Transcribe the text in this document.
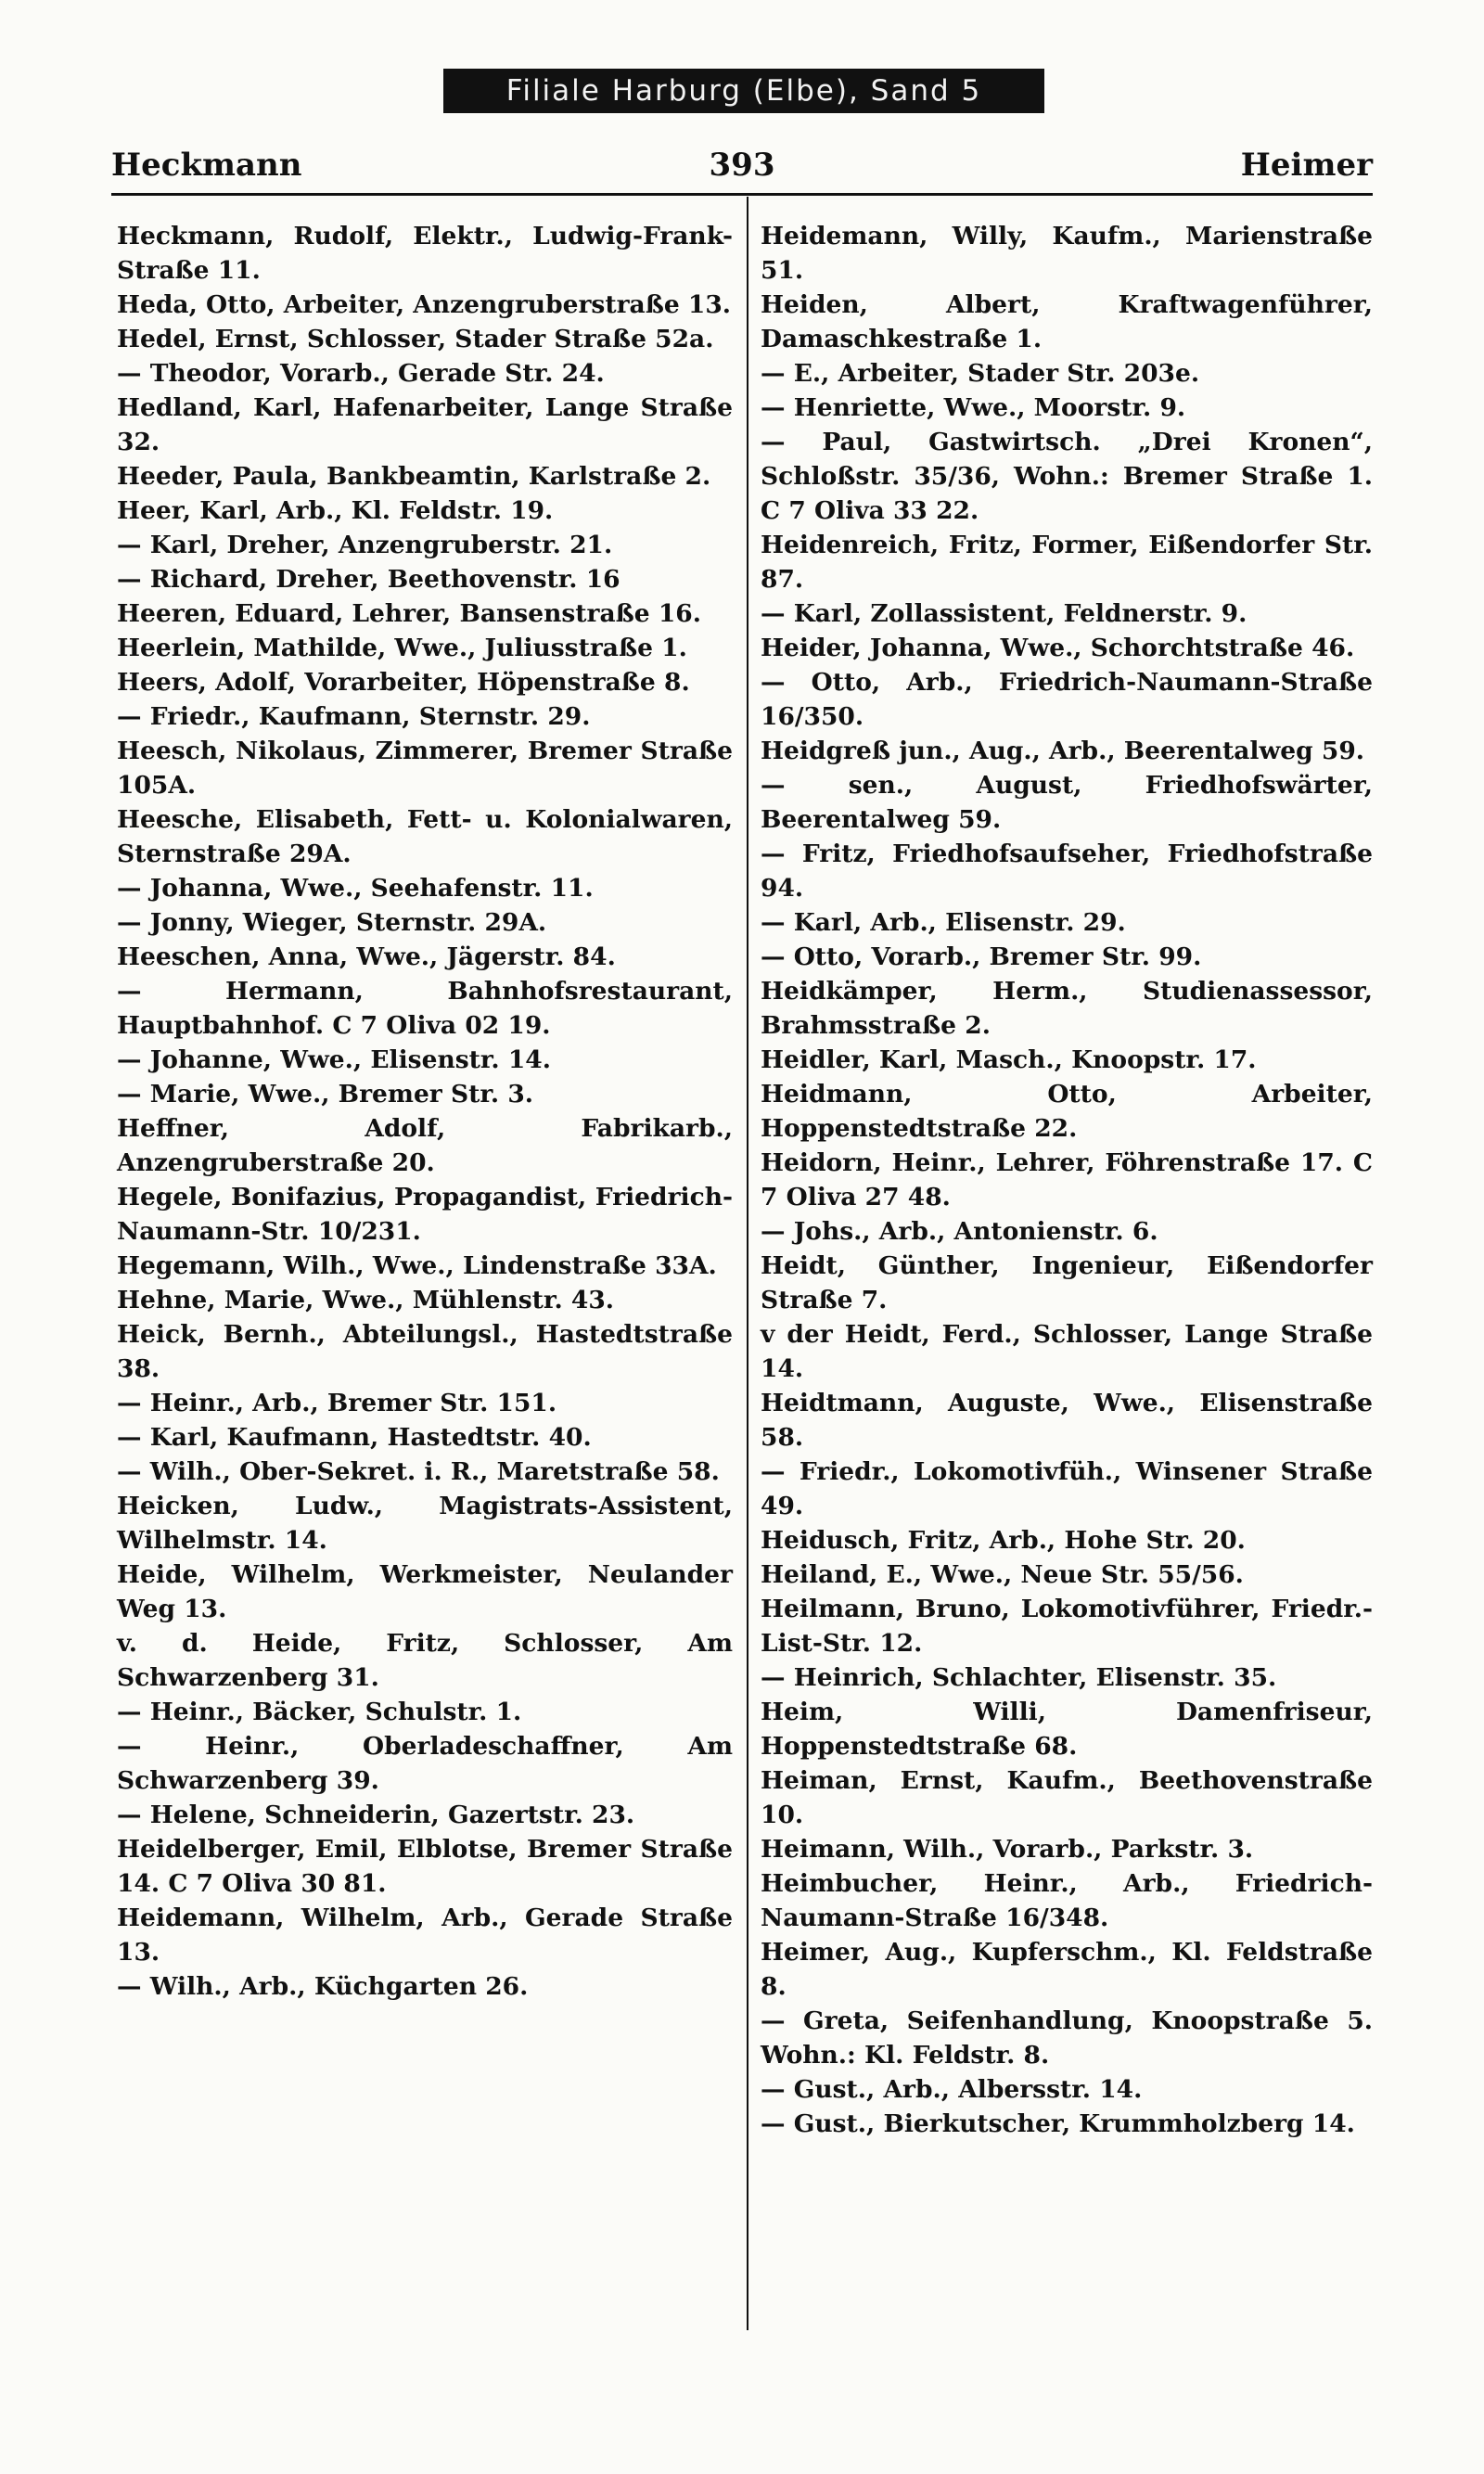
Filiale Harburg (Elbe), Sand 5
Heckmann	393	Heimer

Heckmann, Rudolf, Elektr., Ludwig-Frank-Straße 11.

Heda, Otto, Arbeiter, Anzengruberstraße 13.

Hedel, Ernst, Schlosser, Stader Straße 52a.

— Theodor, Vorarb., Gerade Str. 24.

Hedland, Karl, Hafenarbeiter, Lange Straße 32.

Heeder, Paula, Bankbeamtin, Karlstraße 2.

Heer, Karl, Arb., Kl. Feldstr. 19.

— Karl, Dreher, Anzengruberstr. 21.

— Richard, Dreher, Beethovenstr. 16

Heeren, Eduard, Lehrer, Bansenstraße 16.

Heerlein, Mathilde, Wwe., Juliusstraße 1.

Heers, Adolf, Vorarbeiter, Höpenstraße 8.

— Friedr., Kaufmann, Sternstr. 29.

Heesch, Nikolaus, Zimmerer, Bremer Straße 105A.

Heesche, Elisabeth, Fett- u. Kolonialwaren, Sternstraße 29A.

— Johanna, Wwe., Seehafenstr. 11.

— Jonny, Wieger, Sternstr. 29A.

Heeschen, Anna, Wwe., Jägerstr. 84.

— Hermann, Bahnhofsrestaurant, Hauptbahnhof. C 7 Oliva 02 19.

— Johanne, Wwe., Elisenstr. 14.

— Marie, Wwe., Bremer Str. 3.

Heffner, Adolf, Fabrikarb., Anzengruberstraße 20.

Hegele, Bonifazius, Propagandist, Friedrich-Naumann-Str. 10/231.

Hegemann, Wilh., Wwe., Lindenstraße 33A.

Hehne, Marie, Wwe., Mühlenstr. 43.

Heick, Bernh., Abteilungsl., Hastedtstraße 38.

— Heinr., Arb., Bremer Str. 151.

— Karl, Kaufmann, Hastedtstr. 40.

— Wilh., Ober-Sekret. i. R., Maretstraße 58.

Heicken, Ludw., Magistrats-Assistent, Wilhelmstr. 14.

Heide, Wilhelm, Werkmeister, Neulander Weg 13.

v. d. Heide, Fritz, Schlosser, Am Schwarzenberg 31.

— Heinr., Bäcker, Schulstr. 1.

— Heinr., Oberladeschaffner, Am Schwarzenberg 39.

— Helene, Schneiderin, Gazertstr. 23.

Heidelberger, Emil, Elblotse, Bremer Straße 14. C 7 Oliva 30 81.

Heidemann, Wilhelm, Arb., Gerade Straße 13.

— Wilh., Arb., Küchgarten 26.

Heidemann, Willy, Kaufm., Marienstraße 51.

Heiden, Albert, Kraftwagenführer, Damaschkestraße 1.

— E., Arbeiter, Stader Str. 203e.

— Henriette, Wwe., Moorstr. 9.

— Paul, Gastwirtsch. „Drei Kronen“, Schloßstr. 35/36, Wohn.: Bremer Straße 1. C 7 Oliva 33 22.

Heidenreich, Fritz, Former, Eißendorfer Str. 87.

— Karl, Zollassistent, Feldnerstr. 9.

Heider, Johanna, Wwe., Schorchtstraße 46.

— Otto, Arb., Friedrich-Naumann-Straße 16/350.

Heidgreß jun., Aug., Arb., Beerentalweg 59.

— sen., August, Friedhofswärter, Beerentalweg 59.

— Fritz, Friedhofsaufseher, Friedhofstraße 94.

— Karl, Arb., Elisenstr. 29.

— Otto, Vorarb., Bremer Str. 99.

Heidkämper, Herm., Studienassessor, Brahmsstraße 2.

Heidler, Karl, Masch., Knoopstr. 17.

Heidmann, Otto, Arbeiter, Hoppenstedtstraße 22.

Heidorn, Heinr., Lehrer, Föhrenstraße 17. C 7 Oliva 27 48.

— Johs., Arb., Antonienstr. 6.

Heidt, Günther, Ingenieur, Eißendorfer Straße 7.

v der Heidt, Ferd., Schlosser, Lange Straße 14.

Heidtmann, Auguste, Wwe., Elisenstraße 58.

— Friedr., Lokomotivfüh., Winsener Straße 49.

Heidusch, Fritz, Arb., Hohe Str. 20.

Heiland, E., Wwe., Neue Str. 55/56.

Heilmann, Bruno, Lokomotivführer, Friedr.-List-Str. 12.

— Heinrich, Schlachter, Elisenstr. 35.

Heim, Willi, Damenfriseur, Hoppenstedtstraße 68.

Heiman, Ernst, Kaufm., Beethovenstraße 10.

Heimann, Wilh., Vorarb., Parkstr. 3.

Heimbucher, Heinr., Arb., Friedrich-Naumann-Straße 16/348.

Heimer, Aug., Kupferschm., Kl. Feldstraße 8.

— Greta, Seifenhandlung, Knoopstraße 5. Wohn.: Kl. Feldstr. 8.

— Gust., Arb., Albersstr. 14.

— Gust., Bierkutscher, Krummholzberg 14.
